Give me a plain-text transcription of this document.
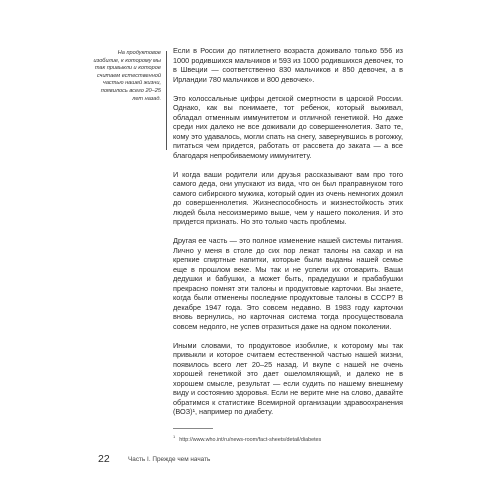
На продуктовое изобилие, к которому мы так привыкли и которое считаем естественной частью нашей жизни, появилось всего 20–25 лет назад.

Если в России до пятилетнего возраста доживало только 556 из 1000 родившихся мальчиков и 593 из 1000 родившихся девочек, то в Швеции — соответственно 830 мальчиков и 850 девочек, а в Ирландии 780 мальчиков и 800 девочек».

Это колоссальные цифры детской смертности в царской России. Однако, как вы понимаете, тот ребенок, который выживал, обладал отменным иммунитетом и отличной генетикой. Но даже среди них далеко не все доживали до совершеннолетия. Зато те, кому это удавалось, могли спать на снегу, завернувшись в рогожку, питаться чем придется, работать от рассвета до заката — а все благодаря непробиваемому иммунитету.

И когда ваши родители или друзья рассказывают вам про того самого деда, они упускают из вида, что он был праправнуком того самого сибирского мужика, который один из очень немногих дожил до совершеннолетия. Жизнеспособность и жизнестойкость этих людей была несоизмеримо выше, чем у нашего поколения. И это придется признать. Но это только часть проблемы.

Другая ее часть — это полное изменение нашей системы питания. Лично у меня в столе до сих пор лежат талоны на сахар и на крепкие спиртные напитки, которые были выданы нашей семье еще в прошлом веке. Мы так и не успели их отоварить. Ваши дедушки и бабушки, а может быть, прадедушки и прабабушки прекрасно помнят эти талоны и продуктовые карточки. Вы знаете, когда были отменены последние продуктовые талоны в СССР? В декабре 1947 года. Это совсем недавно. В 1983 году карточки вновь вернулись, но карточная система тогда просуществовала совсем недолго, не успев отразиться даже на одном поколении.

Иными словами, то продуктовое изобилие, к которому мы так привыкли и которое считаем естественной частью нашей жизни, появилось всего лет 20–25 назад. И вкупе с нашей не очень хорошей генетикой это дает ошеломляющий, и далеко не в хорошем смысле, результат — если судить по нашему внешнему виду и состоянию здоровья. Если не верите мне на слово, давайте обратимся к статистике Всемирной организации здравоохранения (ВОЗ)¹, например по диабету.

$^1$http://www.who.int/ru/news-room/fact-sheets/detail/diabetes
22	Часть I. Прежде чем начать
